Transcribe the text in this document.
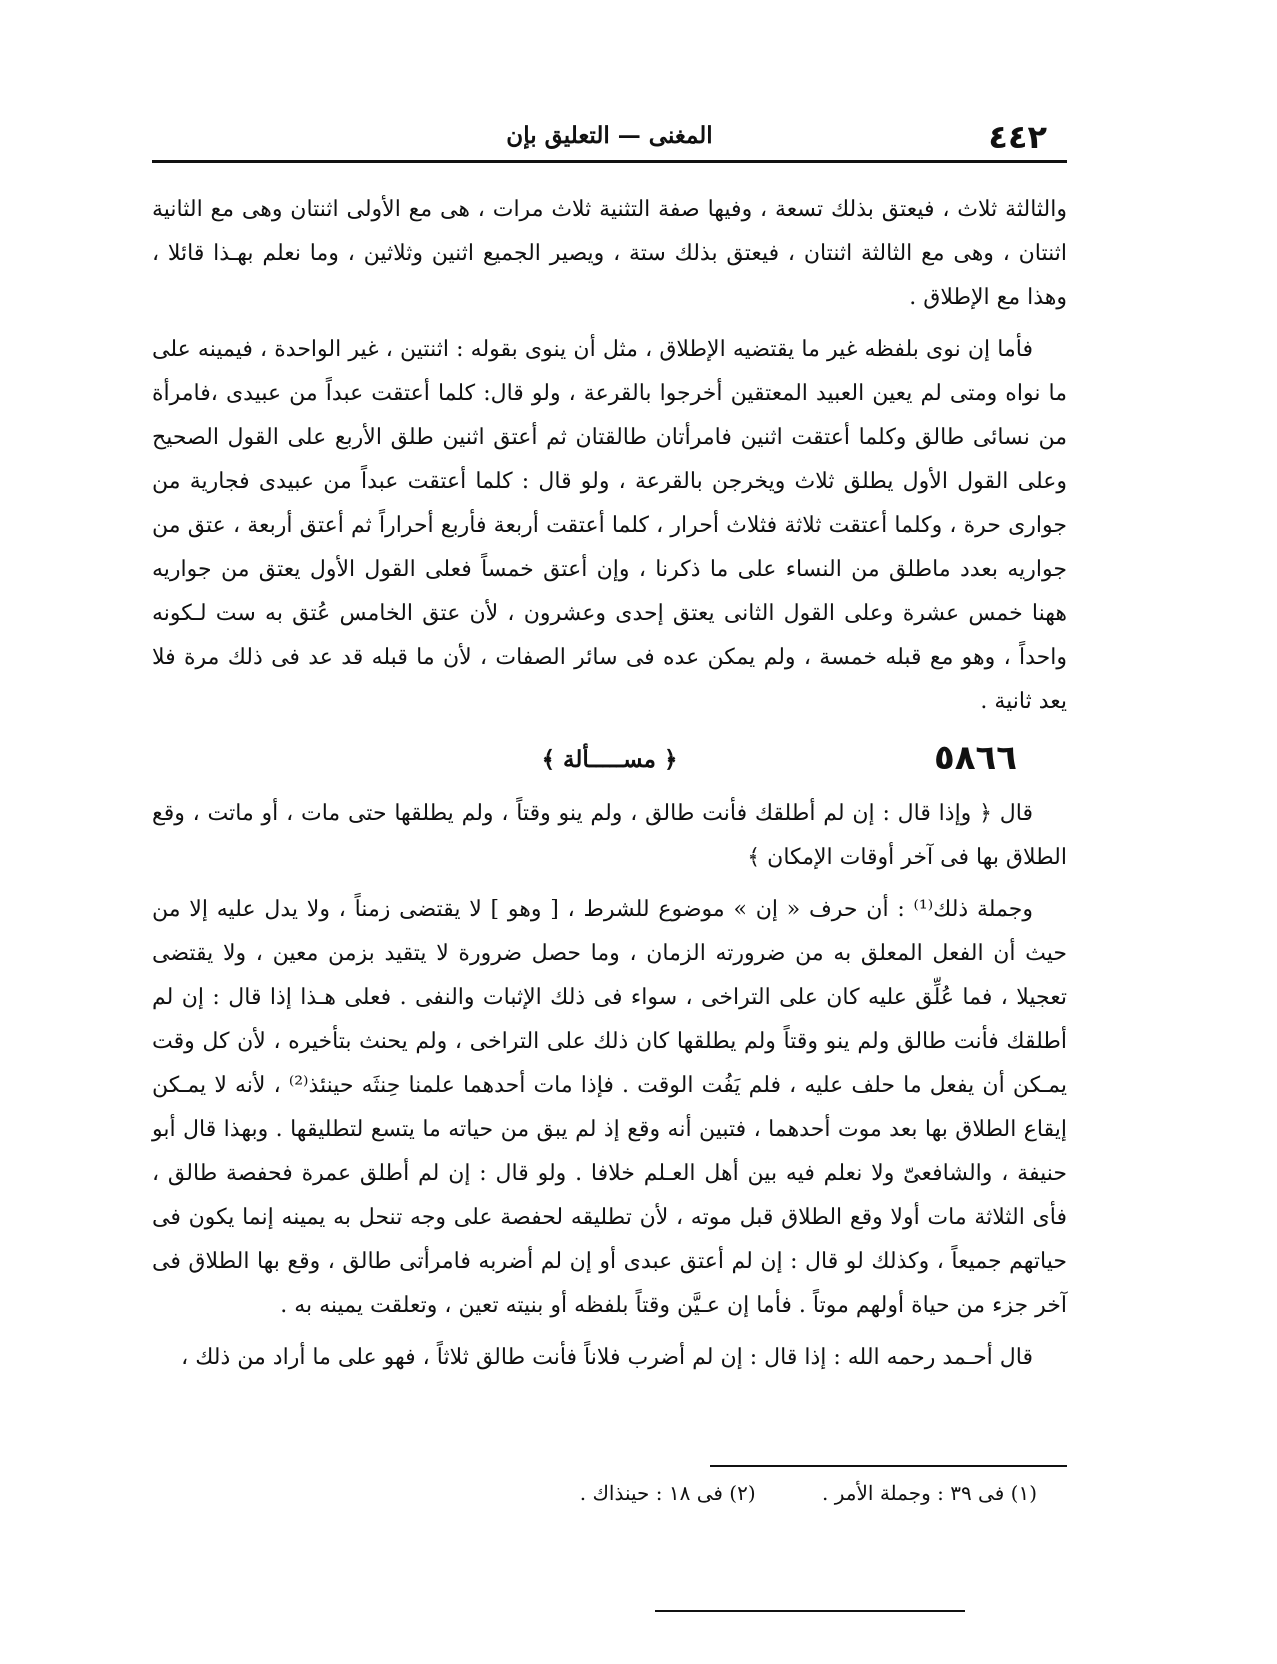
٤٤٢
المغنى — التعليق بإن

والثالثة ثلاث ، فيعتق بذلك تسعة ، وفيها صفة التثنية ثلاث مرات ، هى مع الأولى اثنتان وهى مع الثانية اثنتان ، وهى مع الثالثة اثنتان ، فيعتق بذلك ستة ، ويصير الجميع اثنين وثلاثين ، وما نعلم بهـذا قائلا ، وهذا مع الإطلاق .

فأما إن نوى بلفظه غير ما يقتضيه الإطلاق ، مثل أن ينوى بقوله : اثنتين ، غير الواحدة ، فيمينه على ما نواه ومتى لم يعين العبيد المعتقين أخرجوا بالقرعة ، ولو قال: كلما أعتقت عبداً من عبيدى ،فامرأة من نسائى طالق وكلما أعتقت اثنين فامرأتان طالقتان ثم أعتق اثنين طلق الأربع على القول الصحيح وعلى القول الأول يطلق ثلاث ويخرجن بالقرعة ، ولو قال : كلما أعتقت عبداً من عبيدى فجارية من جوارى حرة ، وكلما أعتقت ثلاثة فثلاث أحرار ، كلما أعتقت أربعة فأربع أحراراً ثم أعتق أربعة ، عتق من جواريه بعدد ماطلق من النساء على ما ذكرنا ، وإن أعتق خمساً فعلى القول الأول يعتق من جواريه ههنا خمس عشرة وعلى القول الثانى يعتق إحدى وعشرون ، لأن عتق الخامس عُتق به ست لـكونه واحداً ، وهو مع قبله خمسة ، ولم يمكن عده فى سائر الصفات ، لأن ما قبله قد عد فى ذلك مرة فلا يعد ثانية .

٥٨٦٦
﴿ مســـــألة ﴾

قال ﴿ وإذا قال : إن لم أطلقك فأنت طالق ، ولم ينو وقتاً ، ولم يطلقها حتى مات ، أو ماتت ، وقع الطلاق بها فى آخر أوقات الإمكان ﴾

وجملة ذلك⁽¹⁾ : أن حرف « إن » موضوع للشرط ، [ وهو ] لا يقتضى زمناً ، ولا يدل عليه إلا من حيث أن الفعل المعلق به من ضرورته الزمان ، وما حصل ضرورة لا يتقيد بزمن معين ، ولا يقتضى تعجيلا ، فما عُلِّق عليه كان على التراخى ، سواء فى ذلك الإثبات والنفى . فعلى هـذا إذا قال : إن لم أطلقك فأنت طالق ولم ينو وقتاً ولم يطلقها كان ذلك على التراخى ، ولم يحنث بتأخيره ، لأن كل وقت يمـكن أن يفعل ما حلف عليه ، فلم يَفُت الوقت . فإذا مات أحدهما علمنا حِنثَه حينئذ⁽²⁾ ، لأنه لا يمـكن إيقاع الطلاق بها بعد موت أحدهما ، فتبين أنه وقع إذ لم يبق من حياته ما يتسع لتطليقها . وبهذا قال أبو حنيفة ، والشافعىّ ولا نعلم فيه بين أهل العـلم خلافا . ولو قال : إن لم أطلق عمرة فحفصة طالق ، فأى الثلاثة مات أولا وقع الطلاق قبل موته ، لأن تطليقه لحفصة على وجه تنحل به يمينه إنما يكون فى حياتهم جميعاً ، وكذلك لو قال : إن لم أعتق عبدى أو إن لم أضربه فامرأتى طالق ، وقع بها الطلاق فى آخر جزء من حياة أولهم موتاً . فأما إن عـيَّن وقتاً بلفظه أو بنيته تعين ، وتعلقت يمينه به .

قال أحـمد رحمه الله : إذا قال : إن لم أضرب فلاناً فأنت طالق ثلاثاً ، فهو على ما أراد من ذلك ،

(١) فى ٣٩ : وجملة الأمر . (٢) فى ١٨ : حينذاك .
